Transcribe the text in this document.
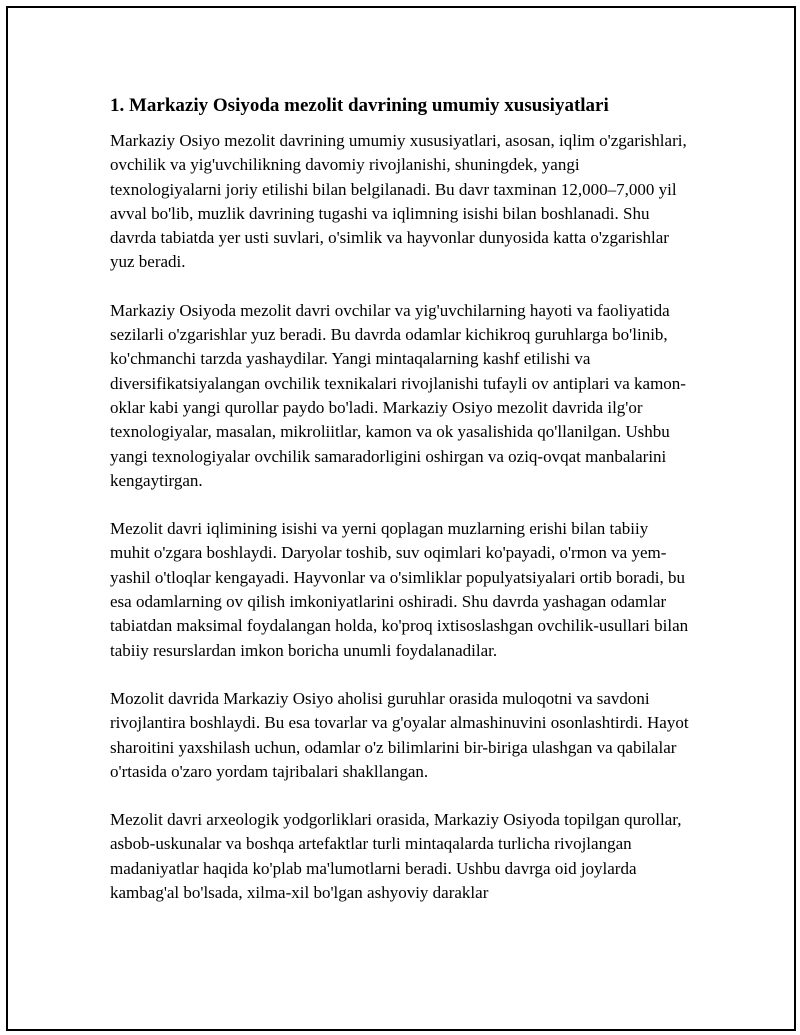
1. Markaziy Osiyoda mezolit davrining umumiy xususiyatlari

Markaziy Osiyo mezolit davrining umumiy xususiyatlari, asosan, iqlim o'zgarishlari, ovchilik va yig'uvchilikning davomiy rivojlanishi, shuningdek, yangi texnologiyalarni joriy etilishi bilan belgilanadi. Bu davr taxminan 12,000–7,000 yil avval bo'lib, muzlik davrining tugashi va iqlimning isishi bilan boshlanadi. Shu davrda tabiatda yer usti suvlari, o'simlik va hayvonlar dunyosida katta o'zgarishlar yuz beradi.

Markaziy Osiyoda mezolit davri ovchilar va yig'uvchilarning hayoti va faoliyatida sezilarli o'zgarishlar yuz beradi. Bu davrda odamlar kichikroq guruhlarga bo'linib, ko'chmanchi tarzda yashaydilar. Yangi mintaqalarning kashf etilishi va diversifikatsiyalangan ovchilik texnikalari rivojlanishi tufayli ov antiplari va kamon-oklar kabi yangi qurollar paydo bo'ladi. Markaziy Osiyo mezolit davrida ilg'or texnologiyalar, masalan, mikroliitlar, kamon va ok yasalishida qo'llanilgan. Ushbu yangi texnologiyalar ovchilik samaradorligini oshirgan va oziq-ovqat manbalarini kengaytirgan.

Mezolit davri iqlimining isishi va yerni qoplagan muzlarning erishi bilan tabiiy muhit o'zgara boshlaydi. Daryolar toshib, suv oqimlari ko'payadi, o'rmon va yem-yashil o'tloqlar kengayadi. Hayvonlar va o'simliklar populyatsiyalari ortib boradi, bu esa odamlarning ov qilish imkoniyatlarini oshiradi. Shu davrda yashagan odamlar tabiatdan maksimal foydalangan holda, ko'proq ixtisoslashgan ovchilik-usullari bilan tabiiy resurslardan imkon boricha unumli foydalanadilar.

Mozolit davrida Markaziy Osiyo aholisi guruhlar orasida muloqotni va savdoni rivojlantira boshlaydi. Bu esa tovarlar va g'oyalar almashinuvini osonlashtirdi. Hayot sharoitini yaxshilash uchun, odamlar o'z bilimlarini bir-biriga ulashgan va qabilalar o'rtasida o'zaro yordam tajribalari shakllangan.

Mezolit davri arxeologik yodgorliklari orasida, Markaziy Osiyoda topilgan qurollar, asbob-uskunalar va boshqa artefaktlar turli mintaqalarda turlicha rivojlangan madaniyatlar haqida ko'plab ma'lumotlarni beradi. Ushbu davrga oid joylarda kambag'al bo'lsada, xilma-xil bo'lgan ashyoviy daraklar
